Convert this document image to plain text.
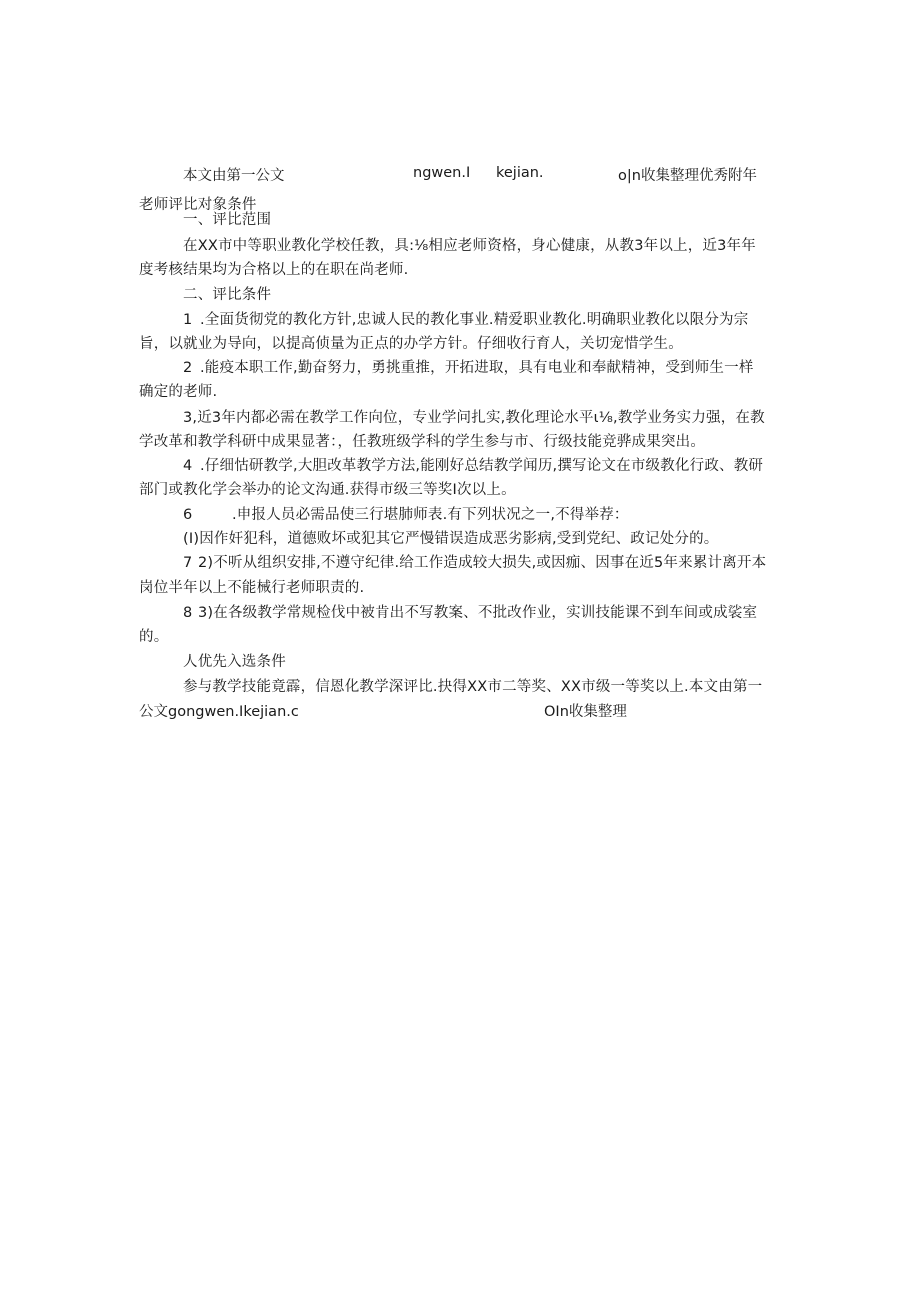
本文由第一公文	ngwen.I kejian.	o|n收集整理优秀附年
老师评比对象条件
一、评比范围
在XX市中等职业教化学校任教，具:⅛相应老师资格，身心健康，从教3年以上，近3年年
度考核结果均为合格以上的在职在尚老师.
二、评比条件
1 .全面货彻党的教化方针,忠诚人民的教化事业.精爱职业教化.明确职业教化以限分为宗
旨，以就业为导向，以提高侦量为正点的办学方针。仔细收行育人，关切宠惜学生。
2 .能疫本职工作,勤奋努力，勇挑重推，开拓进取，具有电业和奉献精神，受到师生一样
确定的老师.
3,近3年内都必需在教学工作向位，专业学问扎实,教化理论水平ι⅛,教学业务实力强，在教
学改革和教学科研中成果显著：，任教班级学科的学生参与市、行级技能竞骅成果突出。
4 .仔细怙研教学,大胆改革教学方法,能刚好总结教学闻历,撰写论文在市级教化行政、教研
部门或教化学会举办的论文沟通.获得市级三等奖I次以上。
6	.申报人员必需品使三行堪肺师表.有下列状况之一,不得举荐：
(I)因作奸犯科，道德败坏或犯其它严慢错误造成恶劣影病,受到党纪、政记处分的。
7 2)不听从组织安排,不遵守纪律.给工作造成较大损失,或因痂、因事在近5年来累计离开本
岗位半年以上不能械行老师职责的.
8 3)在各级教学常规检伐中被肯出不写教案、不批改作业，实训技能课不到车间或成裟室
的。
人优先入选条件
参与教学技能竟霹，信恩化教学深评比.抉得XX市二等奖、XX市级一等奖以上.本文由第一
公文gongwen.Ikejian.c	OIn收集整理
